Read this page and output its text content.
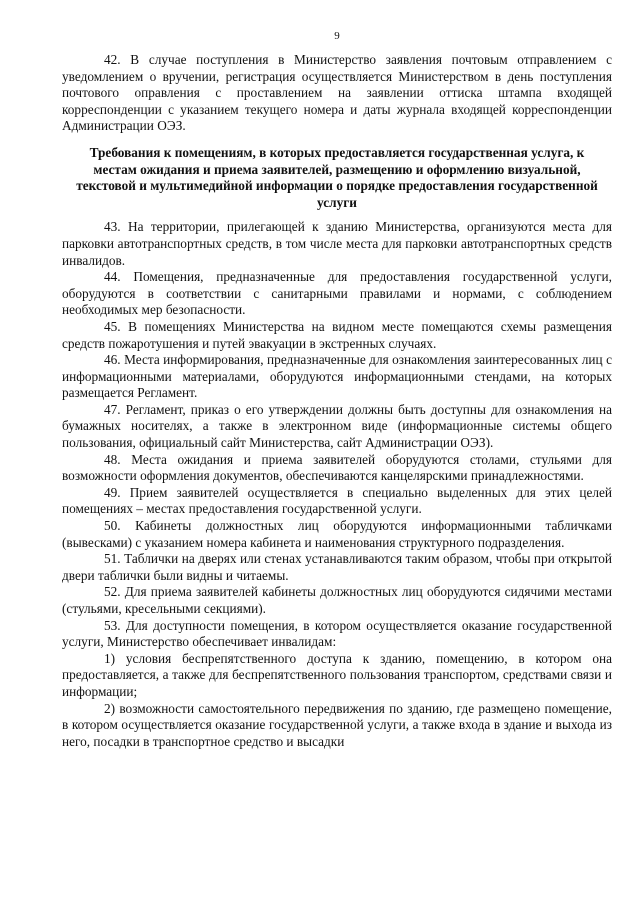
9

42. В случае поступления в Министерство заявления почтовым отправлением с уведомлением о вручении, регистрация осуществляется Министерством в день поступления почтового оправления с проставлением на заявлении оттиска штампа входящей корреспонденции с указанием текущего номера и даты журнала входящей корреспонденции Администрации ОЭЗ.

Требования к помещениям, в которых предоставляется государственная услуга, к местам ожидания и приема заявителей, размещению и оформлению визуальной, текстовой и мультимедийной информации о порядке предоставления государственной услуги

43. На территории, прилегающей к зданию Министерства, организуются места для парковки автотранспортных средств, в том числе места для парковки автотранспортных средств инвалидов.

44. Помещения, предназначенные для предоставления государственной услуги, оборудуются в соответствии с санитарными правилами и нормами, с соблюдением необходимых мер безопасности.

45. В помещениях Министерства на видном месте помещаются схемы размещения средств пожаротушения и путей эвакуации в экстренных случаях.

46. Места информирования, предназначенные для ознакомления заинтересованных лиц с информационными материалами, оборудуются информационными стендами, на которых размещается Регламент.

47. Регламент, приказ о его утверждении должны быть доступны для ознакомления на бумажных носителях, а также в электронном виде (информационные системы общего пользования, официальный сайт Министерства, сайт Администрации ОЭЗ).

48. Места ожидания и приема заявителей оборудуются столами, стульями для возможности оформления документов, обеспечиваются канцелярскими принадлежностями.

49. Прием заявителей осуществляется в специально выделенных для этих целей помещениях – местах предоставления государственной услуги.

50. Кабинеты должностных лиц оборудуются информационными табличками (вывесками) с указанием номера кабинета и наименования структурного подразделения.

51. Таблички на дверях или стенах устанавливаются таким образом, чтобы при открытой двери таблички были видны и читаемы.

52. Для приема заявителей кабинеты должностных лиц оборудуются сидячими местами (стульями, кресельными секциями).

53. Для доступности помещения, в котором осуществляется оказание государственной услуги, Министерство обеспечивает инвалидам:

1) условия беспрепятственного доступа к зданию, помещению, в котором она предоставляется, а также для беспрепятственного пользования транспортом, средствами связи и информации;

2) возможности самостоятельного передвижения по зданию, где размещено помещение, в котором осуществляется оказание государственной услуги, а также входа в здание и выхода из него, посадки в транспортное средство и высадки
